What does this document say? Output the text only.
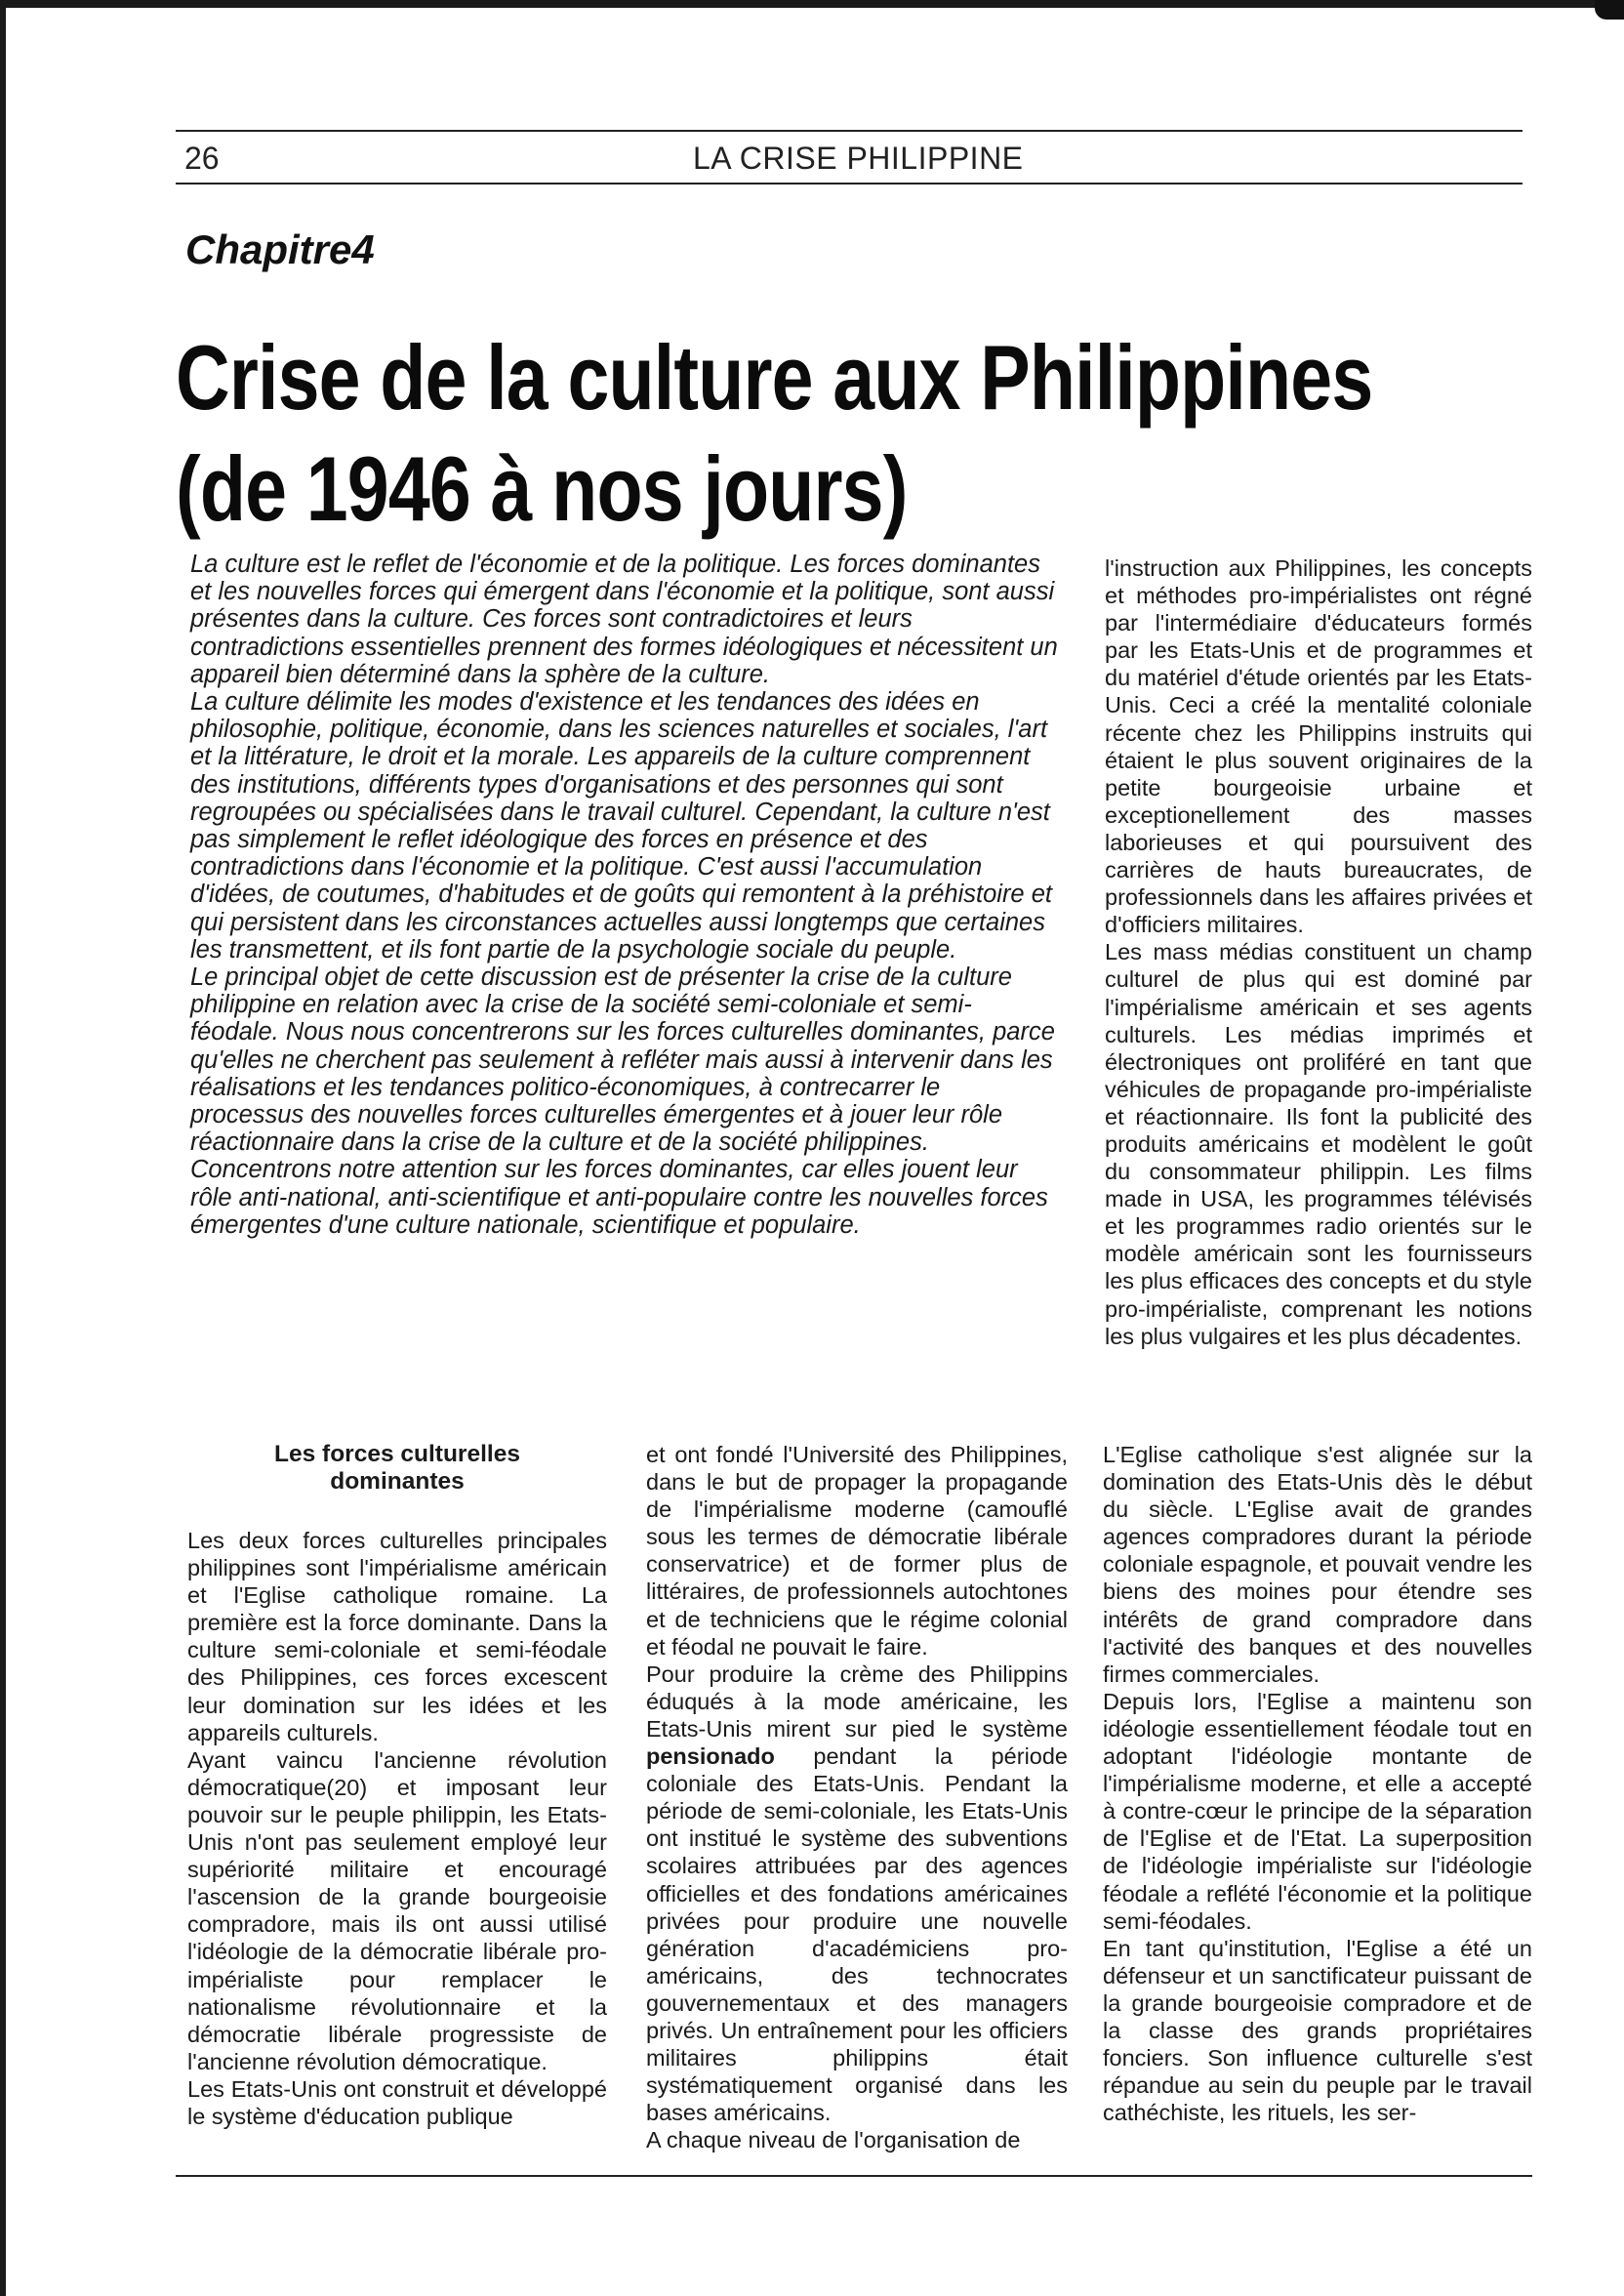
26	LA CRISE PHILIPPINE
Chapitre4
Crise de la culture aux Philippines
(de 1946 à nos jours)

La culture est le reflet de l'économie et de la politique. Les forces dominantes et les nouvelles forces qui émergent dans l'économie et la politique, sont aussi présentes dans la culture. Ces forces sont contradictoires et leurs contradictions essentielles prennent des formes idéologiques et nécessitent un appareil bien déterminé dans la sphère de la culture.

La culture délimite les modes d'existence et les tendances des idées en philosophie, politique, économie, dans les sciences naturelles et sociales, l'art et la littérature, le droit et la morale. Les appareils de la culture comprennent des institutions, différents types d'organisations et des personnes qui sont regroupées ou spécialisées dans le travail culturel. Cependant, la culture n'est pas simplement le reflet idéologique des forces en présence et des contradictions dans l'économie et la politique. C'est aussi l'accumulation d'idées, de coutumes, d'habitudes et de goûts qui remontent à la préhistoire et qui persistent dans les circonstances actuelles aussi longtemps que certaines les transmettent, et ils font partie de la psychologie sociale du peuple.

Le principal objet de cette discussion est de présenter la crise de la culture philippine en relation avec la crise de la société semi-coloniale et semi-féodale. Nous nous concentrerons sur les forces culturelles dominantes, parce qu'elles ne cherchent pas seulement à refléter mais aussi à intervenir dans les réalisations et les tendances politico-économiques, à contrecarrer le processus des nouvelles forces culturelles émergentes et à jouer leur rôle réactionnaire dans la crise de la culture et de la société philippines.

Concentrons notre attention sur les forces dominantes, car elles jouent leur rôle anti-national, anti-scientifique et anti-populaire contre les nouvelles forces émergentes d'une culture nationale, scientifique et populaire.

l'instruction aux Philippines, les concepts et méthodes pro-impérialistes ont régné par l'intermédiaire d'éducateurs formés par les Etats-Unis et de programmes et du matériel d'étude orientés par les Etats-Unis. Ceci a créé la mentalité coloniale récente chez les Philippins instruits qui étaient le plus souvent originaires de la petite bourgeoisie urbaine et exceptionellement des masses laborieuses et qui poursuivent des carrières de hauts bureaucrates, de professionnels dans les affaires privées et d'officiers militaires.

Les mass médias constituent un champ culturel de plus qui est dominé par l'impérialisme américain et ses agents culturels. Les médias imprimés et électroniques ont proliféré en tant que véhicules de propagande pro-impérialiste et réactionnaire. Ils font la publicité des produits américains et modèlent le goût du consommateur philippin. Les films made in USA, les programmes télévisés et les programmes radio orientés sur le modèle américain sont les fournisseurs les plus efficaces des concepts et du style pro-impérialiste, comprenant les notions les plus vulgaires et les plus décadentes.

Les forces culturelles dominantes

Les deux forces culturelles principales philippines sont l'impérialisme américain et l'Eglise catholique romaine. La première est la force dominante. Dans la culture semi-coloniale et semi-féodale des Philippines, ces forces excescent leur domination sur les idées et les appareils culturels.

Ayant vaincu l'ancienne révolution démocratique(20) et imposant leur pouvoir sur le peuple philippin, les Etats-Unis n'ont pas seulement employé leur supériorité militaire et encouragé l'ascension de la grande bourgeoisie compradore, mais ils ont aussi utilisé l'idéologie de la démocratie libérale pro-impérialiste pour remplacer le nationalisme révolutionnaire et la démocratie libérale progressiste de l'ancienne révolution démocratique.

Les Etats-Unis ont construit et développé le système d'éducation publique

et ont fondé l'Université des Philippines, dans le but de propager la propagande de l'impérialisme moderne (camouflé sous les termes de démocratie libérale conservatrice) et de former plus de littéraires, de professionnels autochtones et de techniciens que le régime colonial et féodal ne pouvait le faire.

Pour produire la crème des Philippins éduqués à la mode américaine, les Etats-Unis mirent sur pied le système pensionado pendant la période coloniale des Etats-Unis. Pendant la période de semi-coloniale, les Etats-Unis ont institué le système des subventions scolaires attribuées par des agences officielles et des fondations américaines privées pour produire une nouvelle génération d'académiciens pro-américains, des technocrates gouvernementaux et des managers privés. Un entraînement pour les officiers militaires philippins était systématiquement organisé dans les bases américains.

A chaque niveau de l'organisation de

L'Eglise catholique s'est alignée sur la domination des Etats-Unis dès le début du siècle. L'Eglise avait de grandes agences compradores durant la période coloniale espagnole, et pouvait vendre les biens des moines pour étendre ses intérêts de grand compradore dans l'activité des banques et des nouvelles firmes commerciales.

Depuis lors, l'Eglise a maintenu son idéologie essentiellement féodale tout en adoptant l'idéologie montante de l'impérialisme moderne, et elle a accepté à contre-cœur le principe de la séparation de l'Eglise et de l'Etat. La superposition de l'idéologie impérialiste sur l'idéologie féodale a reflété l'économie et la politique semi-féodales.

En tant qu'institution, l'Eglise a été un défenseur et un sanctificateur puissant de la grande bourgeoisie compradore et de la classe des grands propriétaires fonciers. Son influence culturelle s'est répandue au sein du peuple par le travail cathéchiste, les rituels, les ser-
